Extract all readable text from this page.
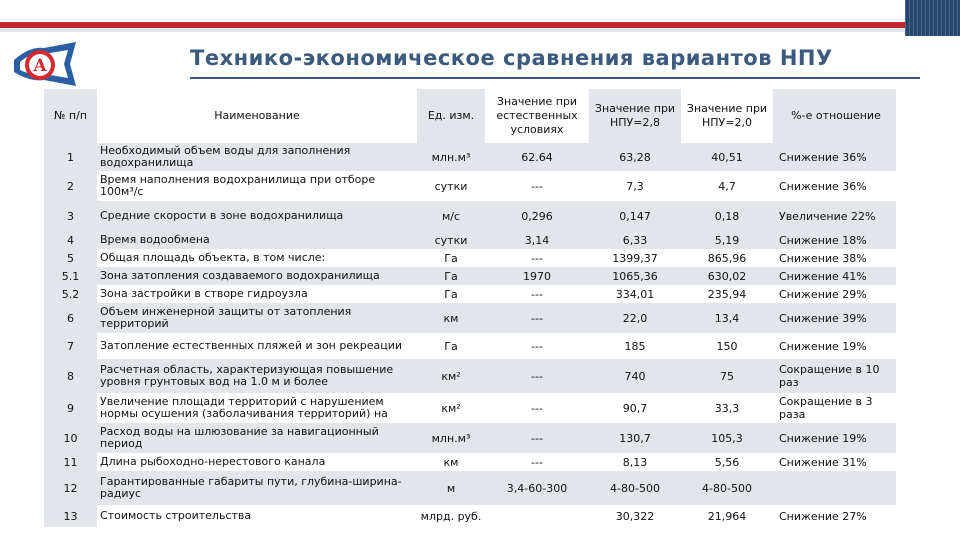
А	Технико-экономическое сравнения вариантов НПУ
№ п/п	Наименование	Ед. изм.	Значение при естественных условиях	Значение при НПУ=2,8	Значение при НПУ=2,0	%-е отношение
1	Необходимый объем воды для заполнения водохранилища	млн.м³	62.64	63,28	40,51	Снижение 36%
2	Время наполнения водохранилища при отборе 100м³/с	сутки	---	7,3	4,7	Снижение 36%
3	Средние скорости в зоне водохранилища	м/с	0,296	0,147	0,18	Увеличение 22%
4	Время водообмена	сутки	3,14	6,33	5,19	Снижение 18%
5	Общая площадь объекта, в том числе:	Га	---	1399,37	865,96	Снижение 38%
5.1	Зона затопления создаваемого водохранилища	Га	1970	1065,36	630,02	Снижение 41%
5.2	Зона застройки в створе гидроузла	Га	---	334,01	235,94	Снижение 29%
6	Объем инженерной защиты от затопления территорий	км	---	22,0	13,4	Снижение 39%
7	Затопление естественных пляжей и зон рекреации	Га	---	185	150	Снижение 19%
8	Расчетная область, характеризующая повышение уровня грунтовых вод на 1.0 м и более	км²	---	740	75	Сокращение в 10 раз
9	Увеличение площади территорий с нарушением нормы осушения (заболачивания территорий) на	км²	---	90,7	33,3	Сокращение в 3 раза
10	Расход воды на шлюзование за навигационный период	млн.м³	---	130,7	105,3	Снижение 19%
11	Длина рыбоходно-нерестового канала	км	---	8,13	5,56	Снижение 31%
12	Гарантированные габариты пути, глубина-ширина-радиус	м	3,4-60-300	4-80-500	4-80-500	
13	Стоимость строительства	млрд. руб.		30,322	21,964	Снижение 27%
